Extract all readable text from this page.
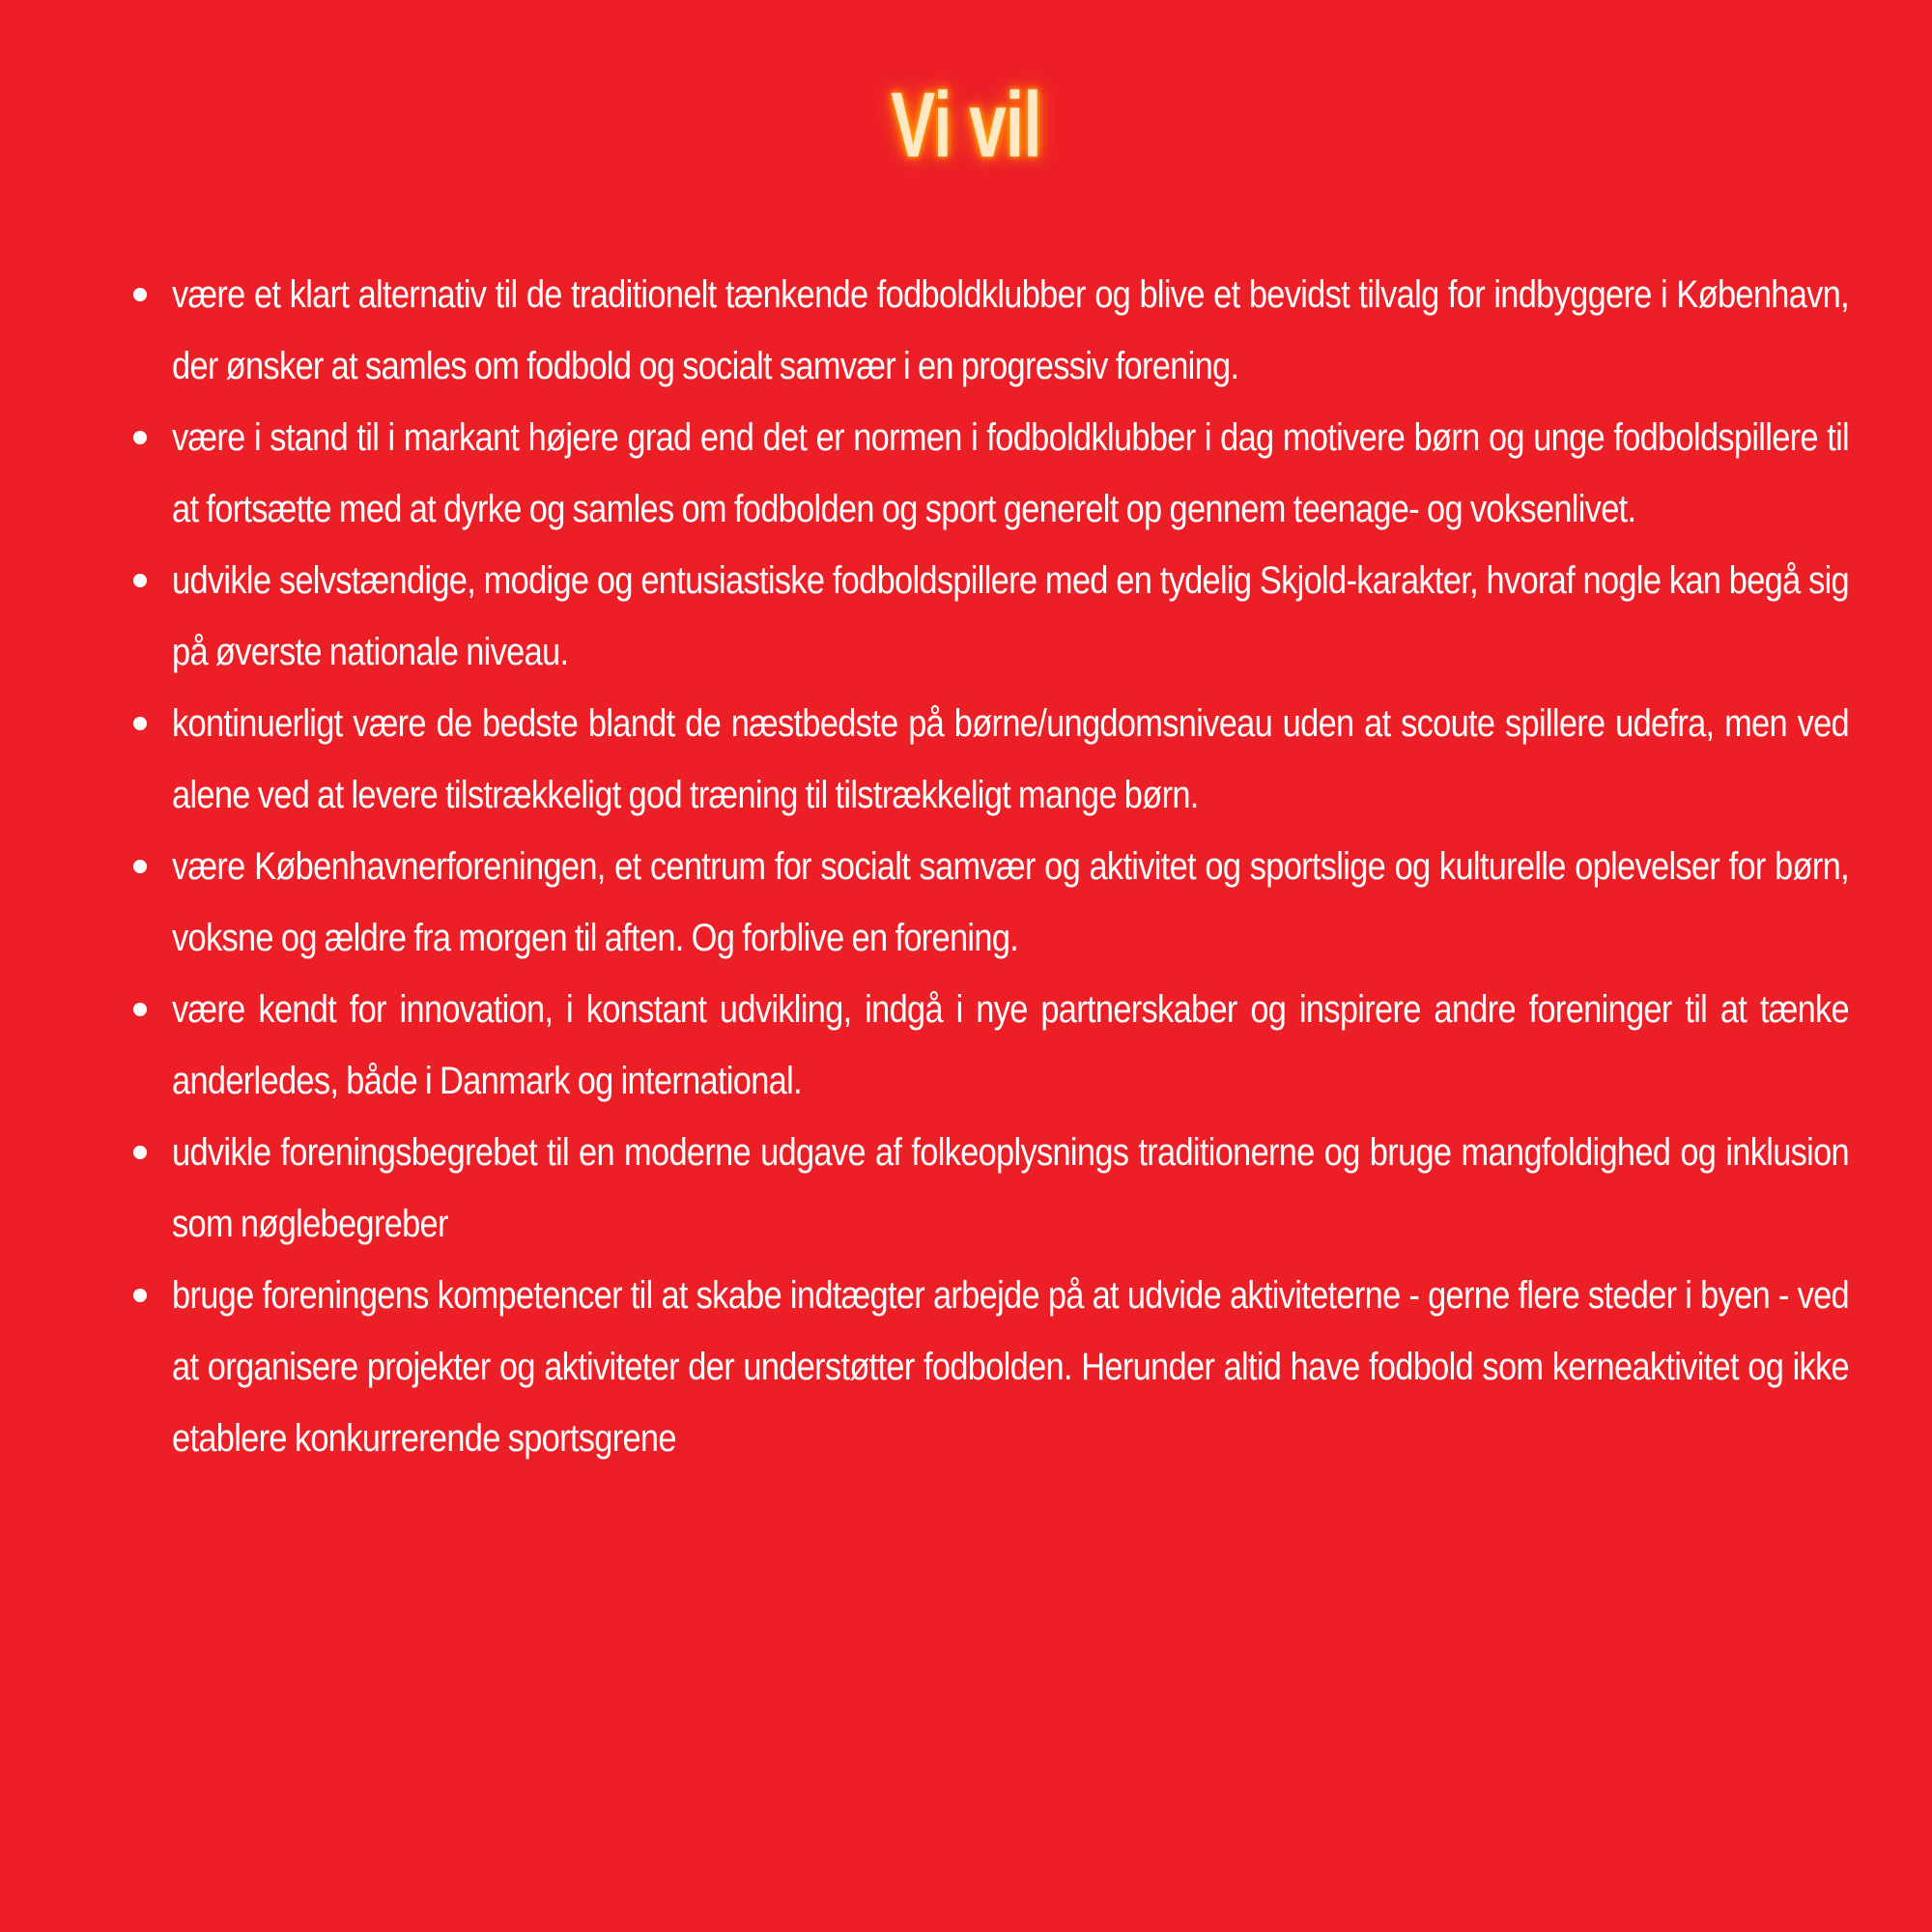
Vi vil
være et klart alternativ til de traditionelt tænkende fodboldklubber og blive et bevidst tilvalg for indbyggere i København, der ønsker at samles om fodbold og socialt samvær i en progressiv forening.
være i stand til i markant højere grad end det er normen i fodboldklubber i dag motivere børn og unge fodboldspillere til at fortsætte med at dyrke og samles om fodbolden og sport generelt op gennem teenage- og voksenlivet.
udvikle selvstændige, modige og entusiastiske fodboldspillere med en tydelig Skjold-karakter, hvoraf nogle kan begå sig på øverste nationale niveau.
kontinuerligt være de bedste blandt de næstbedste på børne/ungdomsniveau uden at scoute spillere udefra, men ved alene ved at levere tilstrækkeligt god træning til tilstrækkeligt mange børn.
være Københavnerforeningen, et centrum for socialt samvær og aktivitet og sportslige og kulturelle oplevelser for børn, voksne og ældre fra morgen til aften. Og forblive en forening.
være kendt for innovation, i konstant udvikling, indgå i nye partnerskaber og inspirere andre foreninger til at tænke anderledes, både i Danmark og international.
udvikle foreningsbegrebet til en moderne udgave af folkeoplysnings traditionerne og bruge mangfoldighed og inklusion som nøglebegreber
bruge foreningens kompetencer til at skabe indtægter arbejde på at udvide aktiviteterne - gerne flere steder i byen - ved at organisere projekter og aktiviteter der understøtter fodbolden. Herunder altid have fodbold som kerneaktivitet og ikke etablere konkurrerende sportsgrene
